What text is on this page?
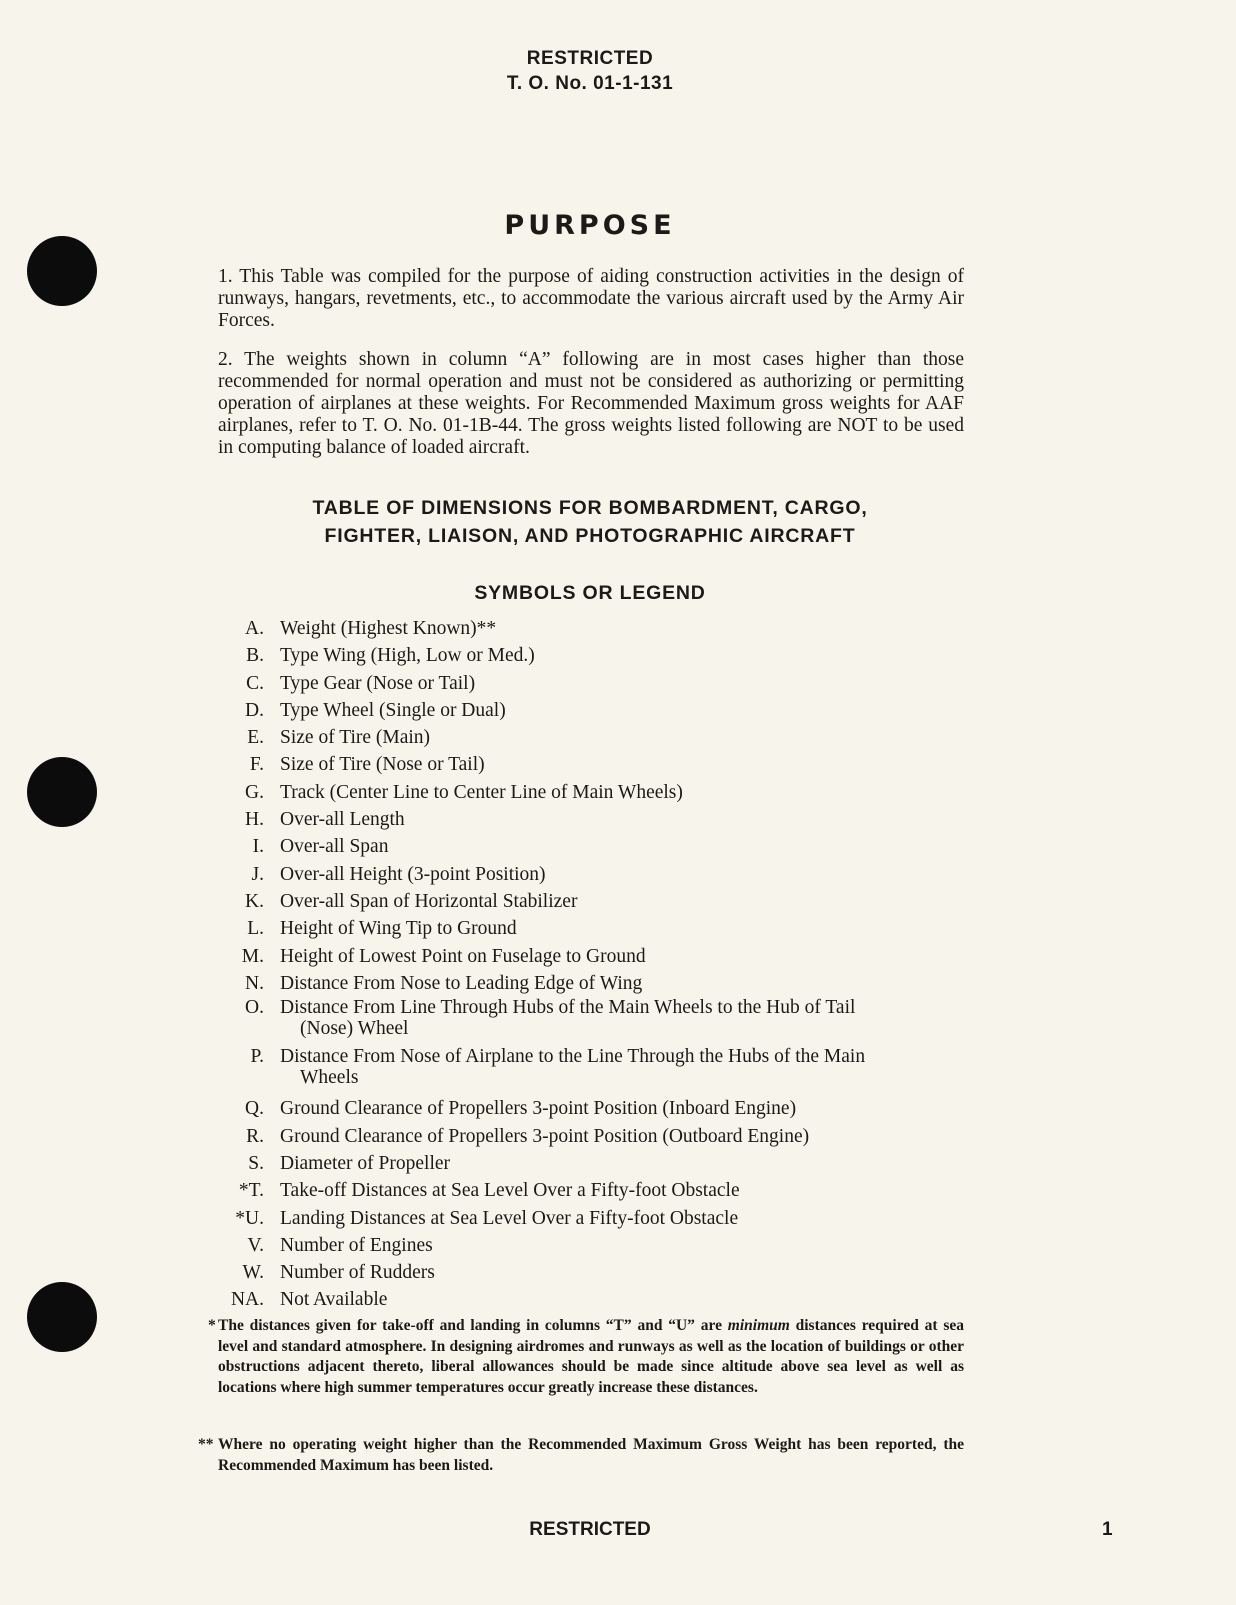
RESTRICTED
T. O. No. 01-1-131
PURPOSE
1. This Table was compiled for the purpose of aiding construction activities in the design of runways, hangars, revetments, etc., to accommodate the various aircraft used by the Army Air Forces.
2. The weights shown in column “A” following are in most cases higher than those recommended for normal operation and must not be considered as authorizing or permitting operation of airplanes at these weights. For Recommended Maximum gross weights for AAF airplanes, refer to T. O. No. 01-1B-44. The gross weights listed following are NOT to be used in computing balance of loaded aircraft.
TABLE OF DIMENSIONS FOR BOMBARDMENT, CARGO,
FIGHTER, LIAISON, AND PHOTOGRAPHIC AIRCRAFT
SYMBOLS OR LEGEND
A. Weight (Highest Known)**
B. Type Wing (High, Low or Med.)
C. Type Gear (Nose or Tail)
D. Type Wheel (Single or Dual)
E. Size of Tire (Main)
F. Size of Tire (Nose or Tail)
G. Track (Center Line to Center Line of Main Wheels)
H. Over-all Length
I. Over-all Span
J. Over-all Height (3-point Position)
K. Over-all Span of Horizontal Stabilizer
L. Height of Wing Tip to Ground
M. Height of Lowest Point on Fuselage to Ground
N. Distance From Nose to Leading Edge of Wing
O. Distance From Line Through Hubs of the Main Wheels to the Hub of Tail
(Nose) Wheel
P. Distance From Nose of Airplane to the Line Through the Hubs of the Main
Wheels
Q. Ground Clearance of Propellers 3-point Position (Inboard Engine)
R. Ground Clearance of Propellers 3-point Position (Outboard Engine)
S. Diameter of Propeller
*T. Take-off Distances at Sea Level Over a Fifty-foot Obstacle
*U. Landing Distances at Sea Level Over a Fifty-foot Obstacle
V. Number of Engines
W. Number of Rudders
NA. Not Available
* The distances given for take-off and landing in columns “T” and “U” are minimum distances required at sea level and standard atmosphere. In designing airdromes and runways as well as the location of buildings or other obstructions adjacent thereto, liberal allowances should be made since altitude above sea level as well as locations where high summer temperatures occur greatly increase these distances.
** Where no operating weight higher than the Recommended Maximum Gross Weight has been reported, the Recommended Maximum has been listed.
RESTRICTED	1
